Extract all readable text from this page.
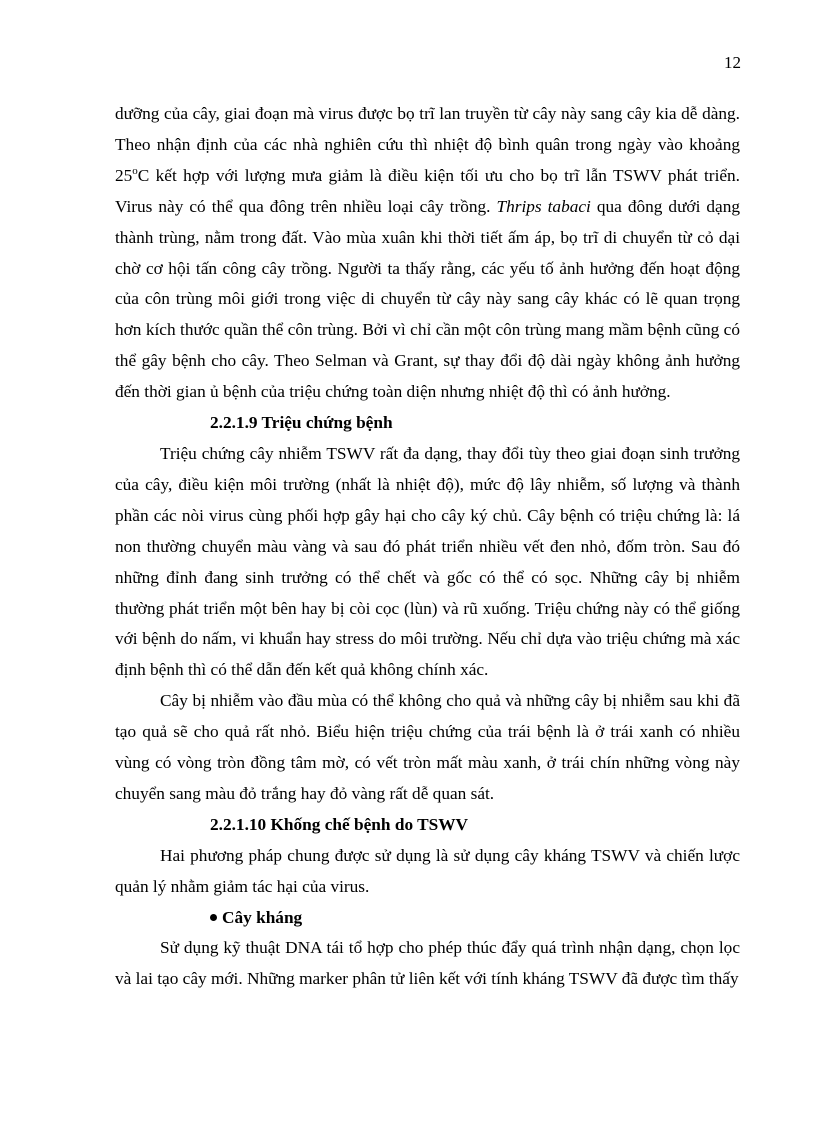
12

dưỡng của cây, giai đoạn mà virus được bọ trĩ lan truyền từ cây này sang cây kia dễ dàng. Theo nhận định của các nhà nghiên cứu thì nhiệt độ bình quân trong ngày vào khoảng 25$^o$C kết hợp với lượng mưa giảm là điều kiện tối ưu cho bọ trĩ lẫn TSWV phát triển. Virus này có thể qua đông trên nhiều loại cây trồng. Thrips tabaci qua đông dưới dạng thành trùng, nằm trong đất. Vào mùa xuân khi thời tiết ấm áp, bọ trĩ di chuyển từ cỏ dại chờ cơ hội tấn công cây trồng. Người ta thấy rằng, các yếu tố ảnh hưởng đến hoạt động của côn trùng môi giới trong việc di chuyển từ cây này sang cây khác có lẽ quan trọng hơn kích thước quần thể côn trùng. Bởi vì chỉ cần một côn trùng mang mầm bệnh cũng có thể gây bệnh cho cây. Theo Selman và Grant, sự thay đổi độ dài ngày không ảnh hưởng đến thời gian ủ bệnh của triệu chứng toàn diện nhưng nhiệt độ thì có ảnh hưởng.

2.2.1.9 Triệu chứng bệnh

Triệu chứng cây nhiễm TSWV rất đa dạng, thay đổi tùy theo giai đoạn sinh trưởng của cây, điều kiện môi trường (nhất là nhiệt độ), mức độ lây nhiễm, số lượng và thành phần các nòi virus cùng phối hợp gây hại cho cây ký chủ. Cây bệnh có triệu chứng là: lá non thường chuyển màu vàng và sau đó phát triển nhiều vết đen nhỏ, đốm tròn. Sau đó những đỉnh đang sinh trưởng có thể chết và gốc có thể có sọc. Những cây bị nhiễm thường phát triển một bên hay bị còi cọc (lùn) và rũ xuống. Triệu chứng này có thể giống với bệnh do nấm, vi khuẩn hay stress do môi trường. Nếu chỉ dựa vào triệu chứng mà xác định bệnh thì có thể dẫn đến kết quả không chính xác.

Cây bị nhiễm vào đầu mùa có thể không cho quả và những cây bị nhiễm sau khi đã tạo quả sẽ cho quả rất nhỏ. Biểu hiện triệu chứng của trái bệnh là ở trái xanh có nhiều vùng có vòng tròn đồng tâm mờ, có vết tròn mất màu xanh, ở trái chín những vòng này chuyển sang màu đỏ trắng hay đỏ vàng rất dễ quan sát.

2.2.1.10 Khống chế bệnh do TSWV

Hai phương pháp chung được sử dụng là sử dụng cây kháng TSWV và chiến lược quản lý nhằm giảm tác hại của virus.

Cây kháng

Sử dụng kỹ thuật DNA tái tổ hợp cho phép thúc đẩy quá trình nhận dạng, chọn lọc và lai tạo cây mới. Những marker phân tử liên kết với tính kháng TSWV đã được tìm thấy
